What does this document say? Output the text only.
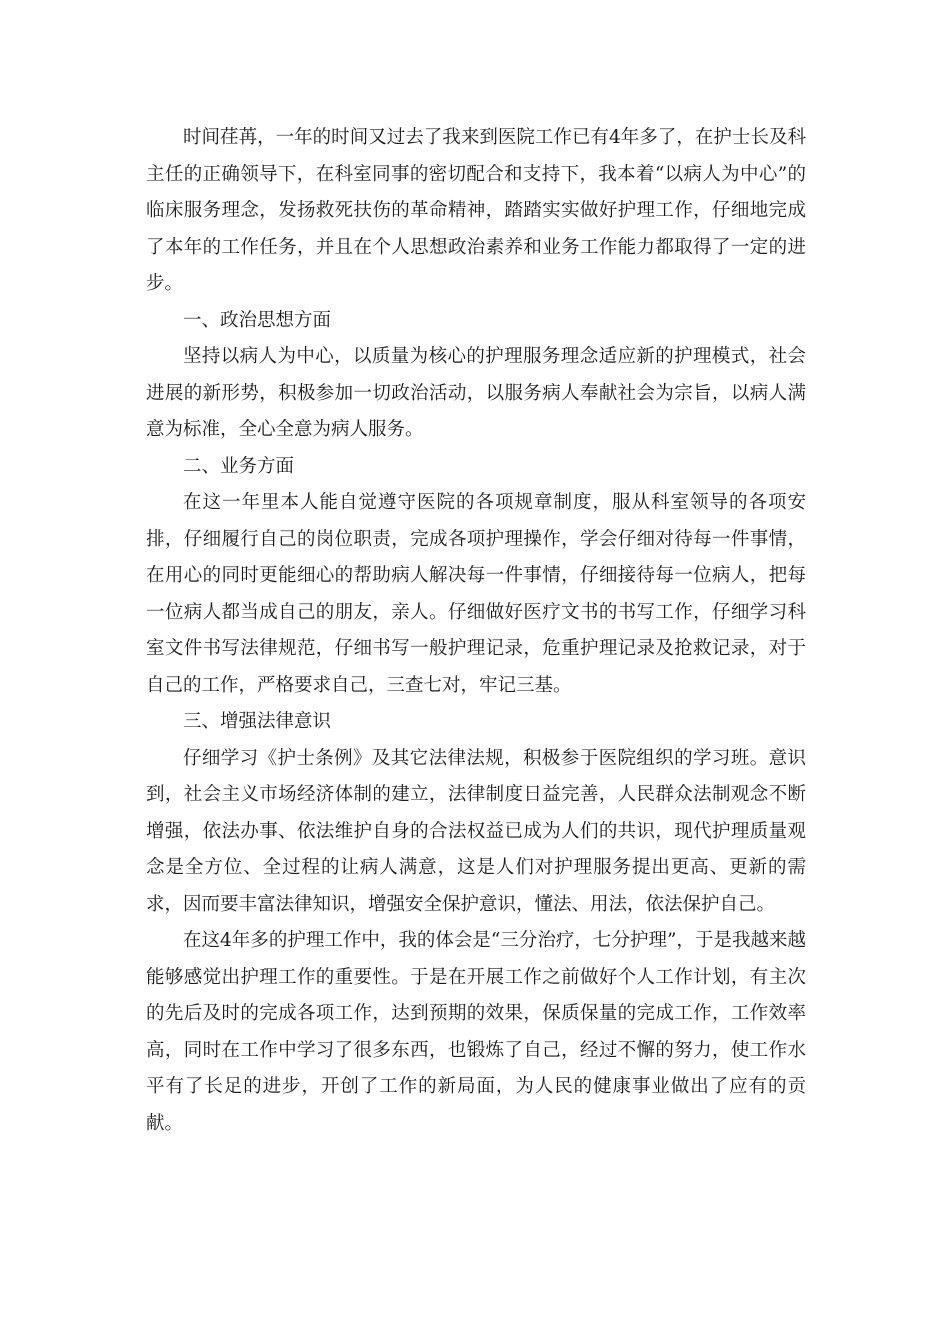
时间荏苒，一年的时间又过去了我来到医院工作已有4年多了，在护士长及科主任的正确领导下，在科室同事的密切配合和支持下，我本着“以病人为中心”的临床服务理念，发扬救死扶伤的革命精神，踏踏实实做好护理工作，仔细地完成了本年的工作任务，并且在个人思想政治素养和业务工作能力都取得了一定的进步。

一、政治思想方面

坚持以病人为中心，以质量为核心的护理服务理念适应新的护理模式，社会进展的新形势，积极参加一切政治活动，以服务病人奉献社会为宗旨，以病人满意为标准，全心全意为病人服务。

二、业务方面

在这一年里本人能自觉遵守医院的各项规章制度，服从科室领导的各项安排，仔细履行自己的岗位职责，完成各项护理操作，学会仔细对待每一件事情，在用心的同时更能细心的帮助病人解决每一件事情，仔细接待每一位病人，把每一位病人都当成自己的朋友，亲人。仔细做好医疗文书的书写工作，仔细学习科室文件书写法律规范，仔细书写一般护理记录，危重护理记录及抢救记录，对于自己的工作，严格要求自己，三查七对，牢记三基。

三、增强法律意识

仔细学习《护士条例》及其它法律法规，积极参于医院组织的学习班。意识到，社会主义市场经济体制的建立，法律制度日益完善，人民群众法制观念不断增强，依法办事、依法维护自身的合法权益已成为人们的共识，现代护理质量观念是全方位、全过程的让病人满意，这是人们对护理服务提出更高、更新的需求，因而要丰富法律知识，增强安全保护意识，懂法、用法，依法保护自己。

在这4年多的护理工作中，我的体会是“三分治疗，七分护理”，于是我越来越能够感觉出护理工作的重要性。于是在开展工作之前做好个人工作计划，有主次的先后及时的完成各项工作，达到预期的效果，保质保量的完成工作，工作效率高，同时在工作中学习了很多东西，也锻炼了自己，经过不懈的努力，使工作水平有了长足的进步，开创了工作的新局面，为人民的健康事业做出了应有的贡献。
